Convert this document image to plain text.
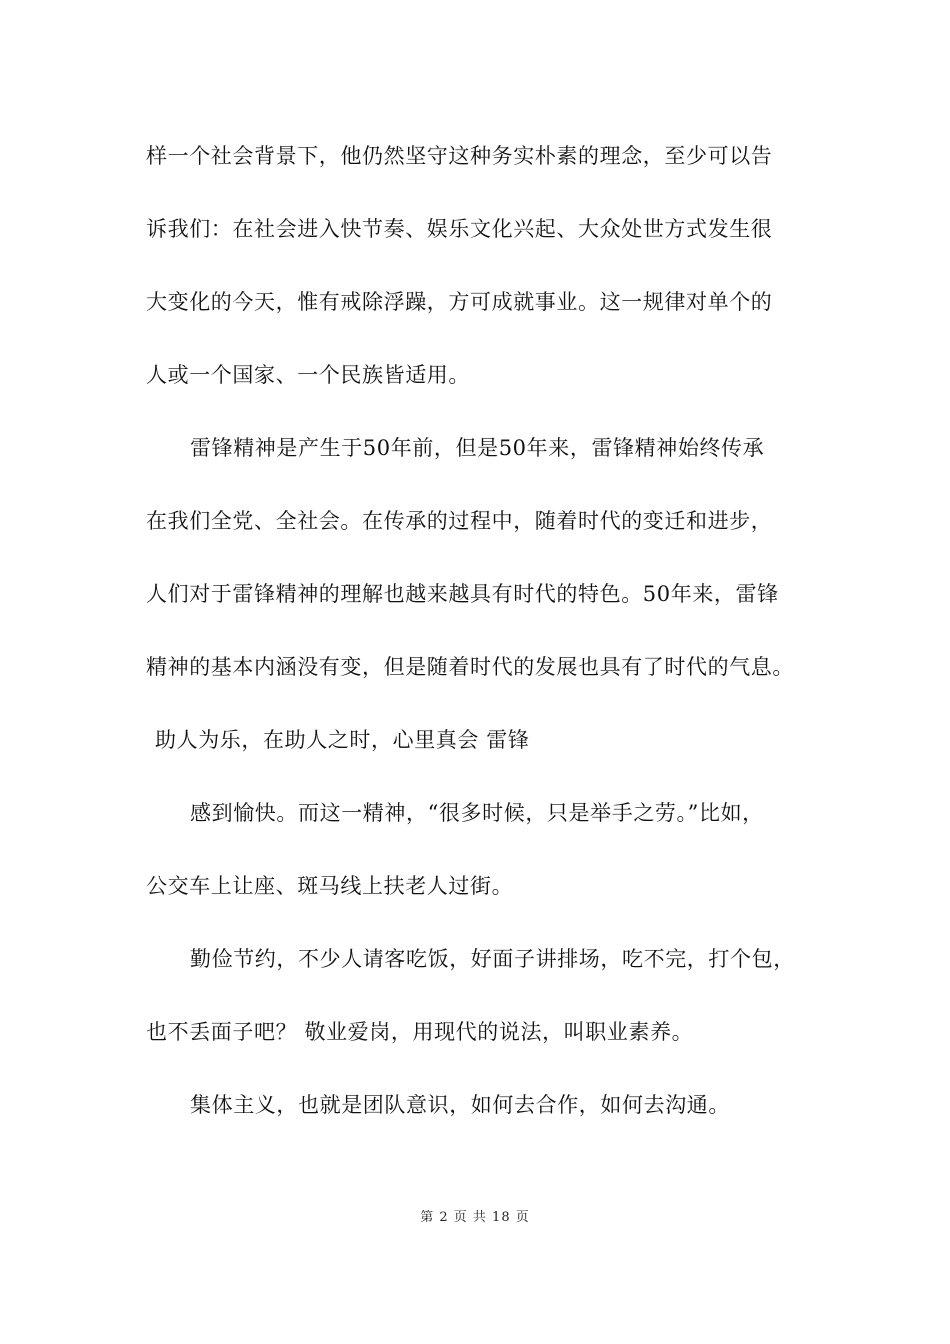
样一个社会背景下，他仍然坚守这种务实朴素的理念，至少可以告
诉我们：在社会进入快节奏、娱乐文化兴起、大众处世方式发生很
大变化的今天，惟有戒除浮躁，方可成就事业。这一规律对单个的
人或一个国家、一个民族皆适用。
雷锋精神是产生于50年前，但是50年来，雷锋精神始终传承
在我们全党、全社会。在传承的过程中，随着时代的变迁和进步，
人们对于雷锋精神的理解也越来越具有时代的特色。50年来，雷锋
精神的基本内涵没有变，但是随着时代的发展也具有了时代的气息。
助人为乐，在助人之时，心里真会 雷锋
感到愉快。而这一精神，“很多时候，只是举手之劳。”比如，
公交车上让座、斑马线上扶老人过街。
勤俭节约，不少人请客吃饭，好面子讲排场，吃不完，打个包，
也不丢面子吧？ 敬业爱岗，用现代的说法，叫职业素养。
集体主义，也就是团队意识，如何去合作，如何去沟通。
第 2 页 共 18 页
